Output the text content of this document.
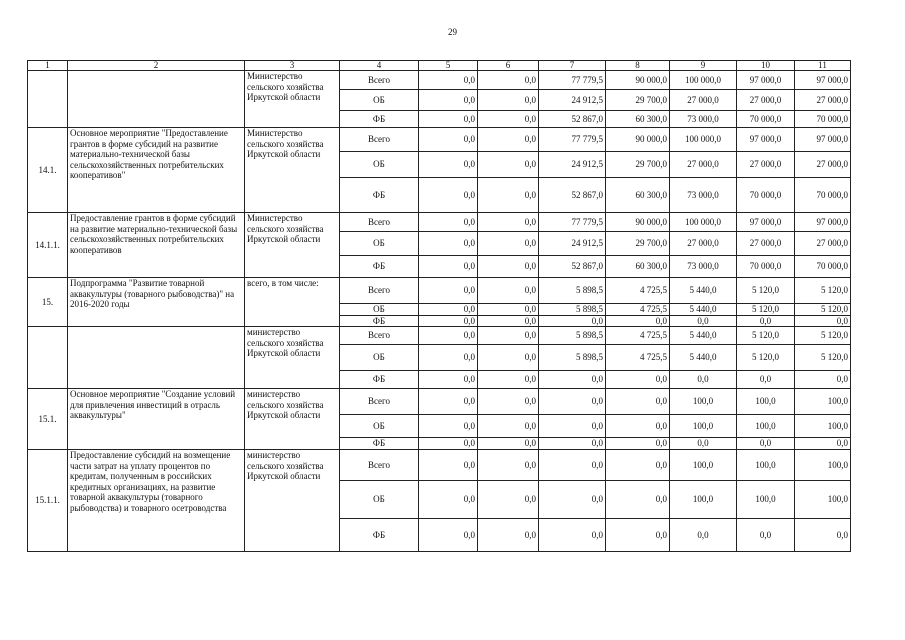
29
1	2	3	4	5	6	7	8	9	10	11
		Министерство сельского хозяйства Иркутской области	Всего	0,0	0,0	77 779,5	90 000,0	100 000,0	97 000,0	97 000,0
			ОБ	0,0	0,0	24 912,5	29 700,0	27 000,0	27 000,0	27 000,0
			ФБ	0,0	0,0	52 867,0	60 300,0	73 000,0	70 000,0	70 000,0
14.1.	Основное мероприятие "Предоставление грантов в форме субсидий на развитие материально-технической базы сельскохозяйственных потребительских кооперативов"	Министерство сельского хозяйства Иркутской области	Всего	0,0	0,0	77 779,5	90 000,0	100 000,0	97 000,0	97 000,0
			ОБ	0,0	0,0	24 912,5	29 700,0	27 000,0	27 000,0	27 000,0
			ФБ	0,0	0,0	52 867,0	60 300,0	73 000,0	70 000,0	70 000,0
14.1.1.	Предоставление грантов в форме субсидий на развитие материально-технической базы сельскохозяйственных потребительских кооперативов	Министерство сельского хозяйства Иркутской области	Всего	0,0	0,0	77 779,5	90 000,0	100 000,0	97 000,0	97 000,0
			ОБ	0,0	0,0	24 912,5	29 700,0	27 000,0	27 000,0	27 000,0
			ФБ	0,0	0,0	52 867,0	60 300,0	73 000,0	70 000,0	70 000,0
15.	Подпрограмма "Развитие товарной аквакультуры (товарного рыбоводства)" на 2016-2020 годы	всего, в том числе:	Всего	0,0	0,0	5 898,5	4 725,5	5 440,0	5 120,0	5 120,0
			ОБ	0,0	0,0	5 898,5	4 725,5	5 440,0	5 120,0	5 120,0
			ФБ	0,0	0,0	0,0	0,0	0,0	0,0	0,0
		министерство сельского хозяйства Иркутской области	Всего	0,0	0,0	5 898,5	4 725,5	5 440,0	5 120,0	5 120,0
			ОБ	0,0	0,0	5 898,5	4 725,5	5 440,0	5 120,0	5 120,0
			ФБ	0,0	0,0	0,0	0,0	0,0	0,0	0,0
15.1.	Основное мероприятие "Создание условий для привлечения инвестиций в отрасль аквакультуры"	министерство сельского хозяйства Иркутской области	Всего	0,0	0,0	0,0	0,0	100,0	100,0	100,0
			ОБ	0,0	0,0	0,0	0,0	100,0	100,0	100,0
			ФБ	0,0	0,0	0,0	0,0	0,0	0,0	0,0
15.1.1.	Предоставление субсидий на возмещение части затрат на уплату процентов по кредитам, полученным в российских кредитных организациях, на развитие товарной аквакультуры (товарного рыбоводства) и товарного осетроводства	министерство сельского хозяйства Иркутской области	Всего	0,0	0,0	0,0	0,0	100,0	100,0	100,0
			ОБ	0,0	0,0	0,0	0,0	100,0	100,0	100,0
			ФБ	0,0	0,0	0,0	0,0	0,0	0,0	0,0
